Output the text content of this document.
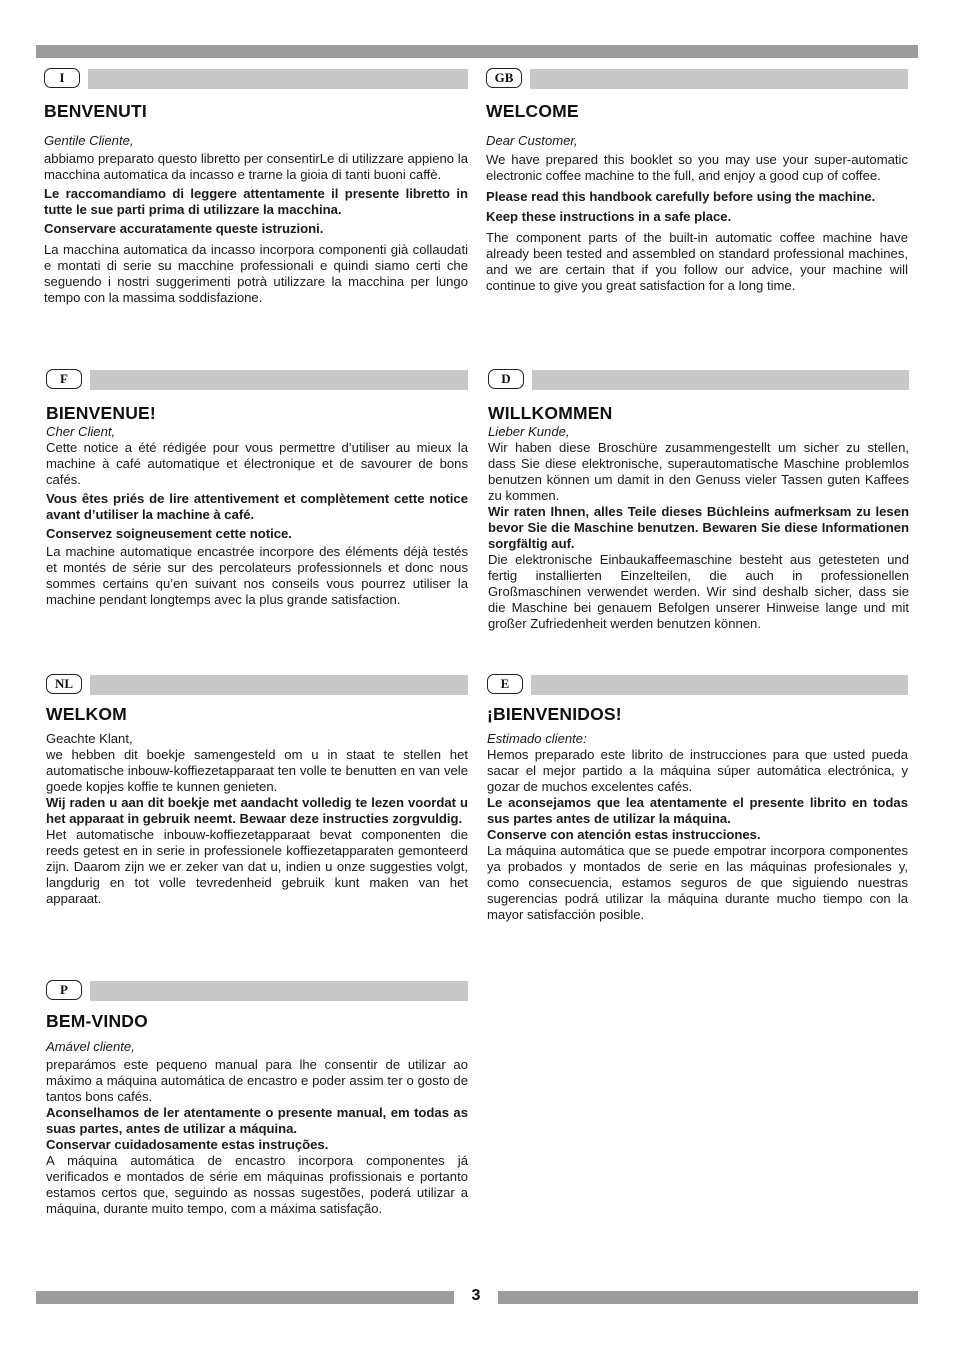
I
BENVENUTI

Gentile Cliente,

abbiamo preparato questo libretto per consentirLe di utilizzare appieno la macchina automatica da incasso e trarne la gioia di tanti buoni caffè.

Le raccomandiamo di leggere attentamente il presente libretto in tutte le sue parti prima di utilizzare la macchina.

Conservare accuratamente queste istruzioni.

La macchina automatica da incasso incorpora componenti già collaudati e montati di serie su macchine professionali e quindi siamo certi che seguendo i nostri suggerimenti potrà utilizzare la macchina per lungo tempo con la massima soddisfazione.

GB
WELCOME

Dear Customer,

We have prepared this booklet so you may use your super-automatic electronic coffee machine to the full, and enjoy a good cup of coffee.

Please read this handbook carefully before using the machine.

Keep these instructions in a safe place.

The component parts of the built-in automatic coffee machine have already been tested and assembled on standard professional machines, and we are certain that if you follow our advice, your machine will continue to give you great satisfaction for a long time.

F
BIENVENUE!

Cher Client,

Cette notice a été rédigée pour vous permettre d’utiliser au mieux la machine à café automatique et électronique et de savourer de bons cafés.

Vous êtes priés de lire attentivement et complètement cette notice avant d’utiliser la machine à café.

Conservez soigneusement cette notice.

La machine automatique encastrée incorpore des éléments déjà testés et montés de série sur des percolateurs professionnels et donc nous sommes certains qu’en suivant nos conseils vous pourrez utiliser la machine pendant longtemps avec la plus grande satisfaction.

D
WILLKOMMEN

Lieber Kunde,

Wir haben diese Broschüre zusammengestellt um sicher zu stellen, dass Sie diese elektronische, superautomatische Maschine problemlos benutzen können um damit in den Genuss vieler Tassen guten Kaffees zu kommen.

Wir raten Ihnen, alles Teile dieses Büchleins aufmerksam zu lesen bevor Sie die Maschine benutzen. Bewaren Sie diese Informationen sorgfältig auf.

Die elektronische Einbaukaffeemaschine besteht aus getesteten und fertig installierten Einzelteilen, die auch in professionellen Großmaschinen verwendet werden. Wir sind deshalb sicher, dass sie die Maschine bei genauem Befolgen unserer Hinweise lange und mit großer Zufriedenheit werden benutzen können.

NL
WELKOM

Geachte Klant,

we hebben dit boekje samengesteld om u in staat te stellen het automatische inbouw-koffiezetapparaat ten volle te benutten en van vele goede kopjes koffie te kunnen genieten.

Wij raden u aan dit boekje met aandacht volledig te lezen voordat u het apparaat in gebruik neemt. Bewaar deze instructies zorgvuldig.

Het automatische inbouw-koffiezetapparaat bevat componenten die reeds getest en in serie in professionele koffiezetapparaten gemonteerd zijn. Daarom zijn we er zeker van dat u, indien u onze suggesties volgt, langdurig en tot volle tevredenheid gebruik kunt maken van het apparaat.

E
¡BIENVENIDOS!

Estimado cliente:

Hemos preparado este librito de instrucciones para que usted pueda sacar el mejor partido a la máquina súper automática electrónica, y gozar de muchos excelentes cafés.

Le aconsejamos que lea atentamente el presente librito en todas sus partes antes de utilizar la máquina.

Conserve con atención estas instrucciones.

La máquina automática que se puede empotrar incorpora componentes ya probados y montados de serie en las máquinas profesionales y, como consecuencia, estamos seguros de que siguiendo nuestras sugerencias podrá utilizar la máquina durante mucho tiempo con la mayor satisfacción posible.

P
BEM-VINDO

Amável cliente,

preparámos este pequeno manual para lhe consentir de utilizar ao máximo a máquina automática de encastro e poder assim ter o gosto de tantos bons cafés.

Aconselhamos de ler atentamente o presente manual, em todas as suas partes, antes de utilizar a máquina.

Conservar cuidadosamente estas instruções.

A máquina automática de encastro incorpora componentes já verificados e montados de série em máquinas profissionais e portanto estamos certos que, seguindo as nossas sugestões, poderá utilizar a máquina, durante muito tempo, com a máxima satisfação.

3
